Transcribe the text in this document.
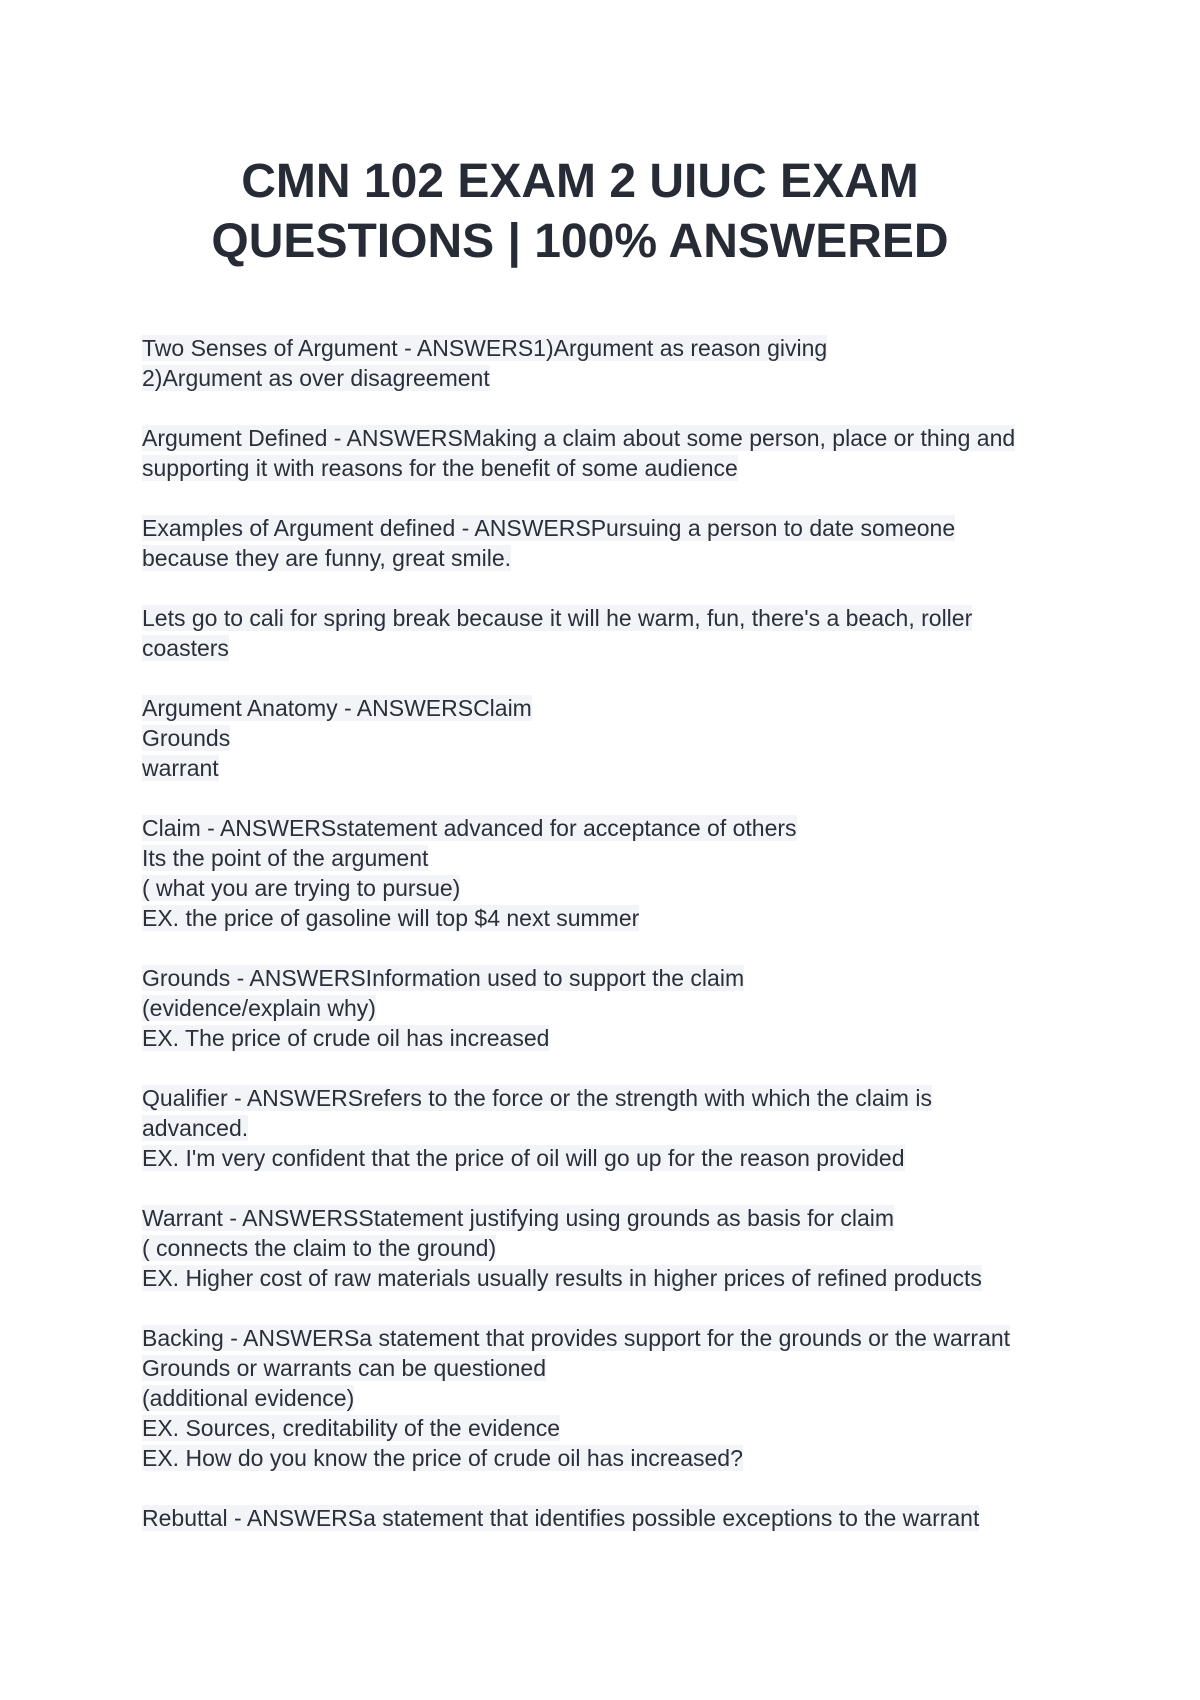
CMN 102 EXAM 2 UIUC EXAM
QUESTIONS | 100% ANSWERED
Two Senses of Argument - ANSWERS1)Argument as reason giving
2)Argument as over disagreement
Argument Defined - ANSWERSMaking a claim about some person, place or thing and
supporting it with reasons for the benefit of some audience
Examples of Argument defined - ANSWERSPursuing a person to date someone
because they are funny, great smile.
Lets go to cali for spring break because it will he warm, fun, there's a beach, roller
coasters
Argument Anatomy - ANSWERSClaim
Grounds
warrant
Claim - ANSWERSstatement advanced for acceptance of others
Its the point of the argument
( what you are trying to pursue)
EX. the price of gasoline will top $4 next summer
Grounds - ANSWERSInformation used to support the claim
(evidence/explain why)
EX. The price of crude oil has increased
Qualifier - ANSWERSrefers to the force or the strength with which the claim is
advanced.
EX. I'm very confident that the price of oil will go up for the reason provided
Warrant - ANSWERSStatement justifying using grounds as basis for claim
( connects the claim to the ground)
EX. Higher cost of raw materials usually results in higher prices of refined products
Backing - ANSWERSa statement that provides support for the grounds or the warrant
Grounds or warrants can be questioned
(additional evidence)
EX. Sources, creditability of the evidence
EX. How do you know the price of crude oil has increased?
Rebuttal - ANSWERSa statement that identifies possible exceptions to the warrant
